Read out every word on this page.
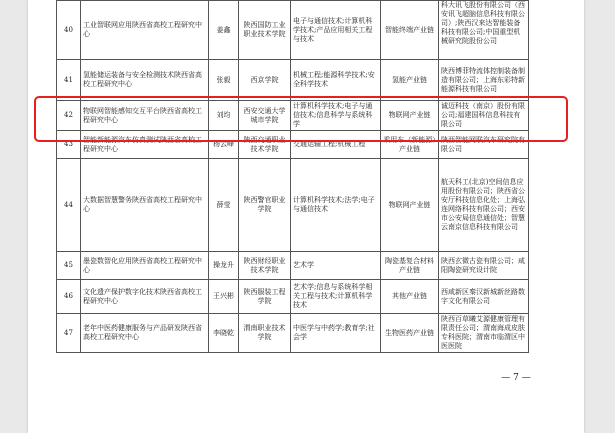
40	工业智联网应用陕西省高校工程研究中心	姜鑫	陕西国防工业职业技术学院	电子与通信技术;计算机科学技术;产品应用相关工程与技术	智能终端产业链	科大讯飞股份有限公司（西安讯飞超脑信息科技有限公司）;陕西汉来达智能装备科技有限公司;中国重型机械研究院股份公司
41	氢能储运装备与安全检测技术陕西省高校工程研究中心	张毅	西京学院	机械工程;能源科学技术;安全科学技术	氢能产业链	陕西博菲特流体控制装备制造有限公司；上海东彩特新能源科技有限公司
42	物联网智能感知交互平台陕西省高校工程研究中心	刘均	西安交通大学城市学院	计算机科学技术;电子与通信技术;信息科学与系统科学	物联网产业链	诚迈科技（南京）股份有限公司;福建国科信息科技有限公司
43	智能新能源汽车仿真测试陕西省高校工程研究中心	杨云峰	陕西交通职业技术学院	交通运输工程;机械工程	乘用车（新能源）产业链	陕西智能网联汽车研究院有限公司
44	大数据智慧警务陕西省高校工程研究中心	薛莹	陕西警官职业学院	计算机科学技术;法学;电子与通信技术	物联网产业链	航天科工(北京)空间信息应用股份有限公司；陕西省公安厅科技信息化处；上海弘连网络科技有限公司；西安市公安局信息通信处；智慧云南京信息科技有限公司
45	墨瓷数智化应用陕西省高校工程研究中心	操龙升	陕西财经职业技术学院	艺术学	陶瓷基复合材料产业链	陕西玄微古瓷有限公司；咸阳陶瓷研究设计院
46	文化遗产保护数字化技术陕西省高校工程研究中心	王兴彬	陕西服装工程学院	艺术学;信息与系统科学相关工程与技术;计算机科学技术	其他产业链	西咸新区秦汉新城新丝路数字文化有限公司
47	老年中医药健康服务与产品研发陕西省高校工程研究中心	李晓乾	渭南职业技术学院	中医学与中药学;教育学;社会学	生物医药产业链	陕西百草曦艾源健康管理有限责任公司；渭南海成皮肤专科医院；渭南市临渭区中医医院
— 7 —
